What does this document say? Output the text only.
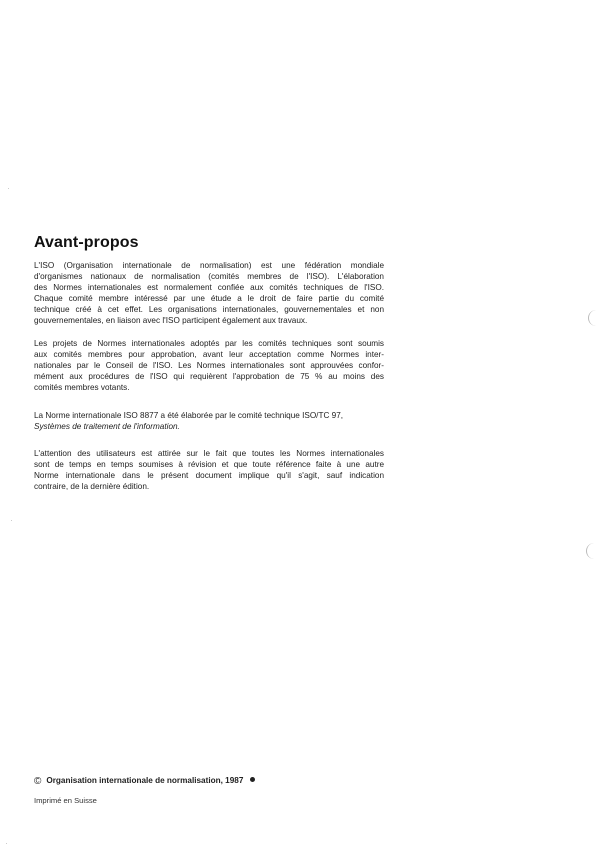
Avant-propos

L'ISO (Organisation internationale de normalisation) est une fédération mondiale
d'organismes nationaux de normalisation (comités membres de l'ISO). L'élaboration
des Normes internationales est normalement confiée aux comités techniques de l'ISO.
Chaque comité membre intéressé par une étude a le droit de faire partie du comité
technique créé à cet effet. Les organisations internationales, gouvernementales et non
gouvernementales, en liaison avec l'ISO participent également aux travaux.

Les projets de Normes internationales adoptés par les comités techniques sont soumis
aux comités membres pour approbation, avant leur acceptation comme Normes inter-
nationales par le Conseil de l'ISO. Les Normes internationales sont approuvées confor-
mément aux procédures de l'ISO qui requièrent l'approbation de 75 % au moins des
comités membres votants.

La Norme internationale ISO 8877 a été élaborée par le comité technique ISO/TC 97,
Systèmes de traitement de l'information.

L'attention des utilisateurs est attirée sur le fait que toutes les Normes internationales
sont de temps en temps soumises à révision et que toute référence faite à une autre
Norme internationale dans le présent document implique qu'il s'agit, sauf indication
contraire, de la dernière édition.

© Organisation internationale de normalisation, 1987
Imprimé en Suisse
